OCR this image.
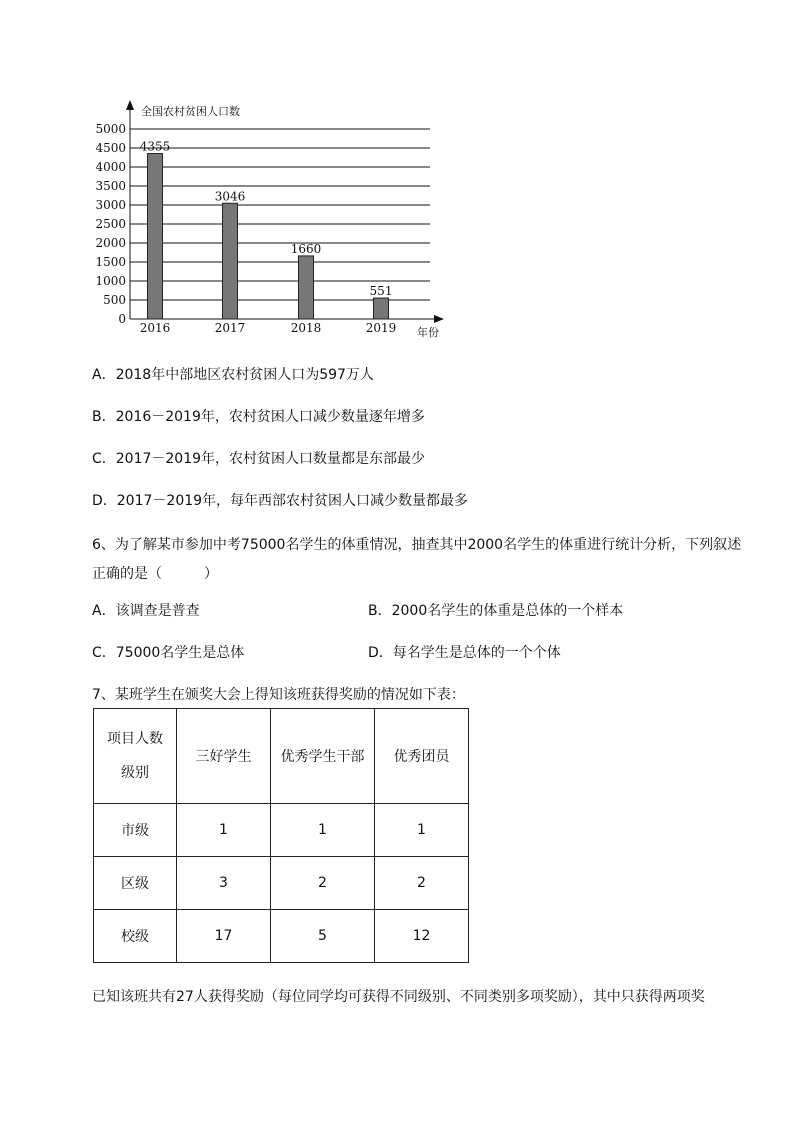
0
500
1000
1500
2000
2500
3000
3500
4000
4500
5000
全国农村贫困人口数
年份
4355
2016
3046
2017
1660
2018
551
2019
A．2018年中部地区农村贫困人口为597万人
B．2016－2019年，农村贫困人口减少数量逐年增多
C．2017－2019年，农村贫困人口数量都是东部最少
D．2017－2019年，每年西部农村贫困人口减少数量都最多
6、为了解某市参加中考75000名学生的体重情况，抽查其中2000名学生的体重进行统计分析，下列叙述正确的是（　　　）
A．该调查是普查	B．2000名学生的体重是总体的一个样本
C．75000名学生是总体	D．每名学生是总体的一个个体
7、某班学生在颁奖大会上得知该班获得奖励的情况如下表：
项目人数
级别	三好学生	优秀学生干部	优秀团员
市级	1	1	1
区级	3	2	2
校级	17	5	12
已知该班共有27人获得奖励（每位同学均可获得不同级别、不同类别多项奖励），其中只获得两项奖
